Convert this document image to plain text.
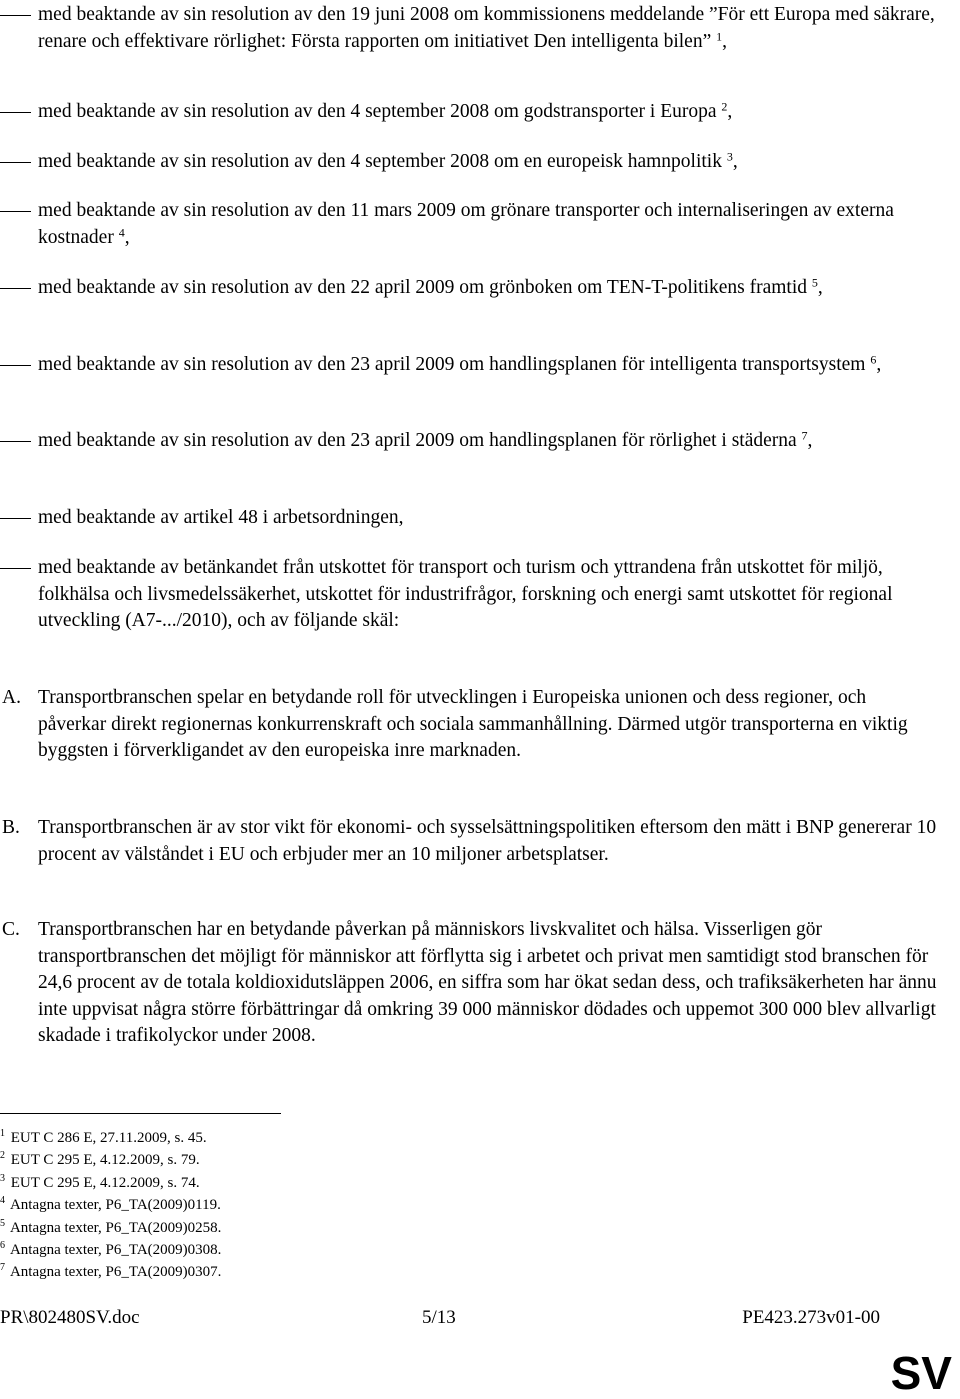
med beaktande av sin resolution av den 19 juni 2008 om kommissionens meddelande ”För ett Europa med säkrare, renare och effektivare rörlighet: Första rapporten om initiativet Den intelligenta bilen” $^1$,
med beaktande av sin resolution av den 4 september 2008 om godstransporter i Europa $^2$,
med beaktande av sin resolution av den 4 september 2008 om en europeisk hamnpolitik $^3$,
med beaktande av sin resolution av den 11 mars 2009 om grönare transporter och internaliseringen av externa kostnader $^4$,
med beaktande av sin resolution av den 22 april 2009 om grönboken om TEN-T-politikens framtid $^5$,
med beaktande av sin resolution av den 23 april 2009 om handlingsplanen för intelligenta transportsystem $^6$,
med beaktande av sin resolution av den 23 april 2009 om handlingsplanen för rörlighet i städerna $^7$,
med beaktande av artikel 48 i arbetsordningen,
med beaktande av betänkandet från utskottet för transport och turism och yttrandena från utskottet för miljö, folkhälsa och livsmedelssäkerhet, utskottet för industrifrågor, forskning och energi samt utskottet för regional utveckling (A7-.../2010), och av följande skäl:
A. Transportbranschen spelar en betydande roll för utvecklingen i Europeiska unionen och dess regioner, och påverkar direkt regionernas konkurrenskraft och sociala sammanhållning. Därmed utgör transporterna en viktig byggsten i förverkligandet av den europeiska inre marknaden.
B. Transportbranschen är av stor vikt för ekonomi- och sysselsättningspolitiken eftersom den mätt i BNP genererar 10 procent av välståndet i EU och erbjuder mer an 10 miljoner arbetsplatser.
C. Transportbranschen har en betydande påverkan på människors livskvalitet och hälsa. Visserligen gör transportbranschen det möjligt för människor att förflytta sig i arbetet och privat men samtidigt stod branschen för 24,6 procent av de totala koldioxidutsläppen 2006, en siffra som har ökat sedan dess, och trafiksäkerheten har ännu inte uppvisat några större förbättringar då omkring 39 000 människor dödades och uppemot 300 000 blev allvarligt skadade i trafikolyckor under 2008.
$^1$ EUT C 286 E, 27.11.2009, s. 45.
$^2$ EUT C 295 E, 4.12.2009, s. 79.
$^3$ EUT C 295 E, 4.12.2009, s. 74.
$^4$ Antagna texter, P6_TA(2009)0119.
$^5$ Antagna texter, P6_TA(2009)0258.
$^6$ Antagna texter, P6_TA(2009)0308.
$^7$ Antagna texter, P6_TA(2009)0307.
PR\802480SV.doc	5/13	PE423.273v01-00
SV
